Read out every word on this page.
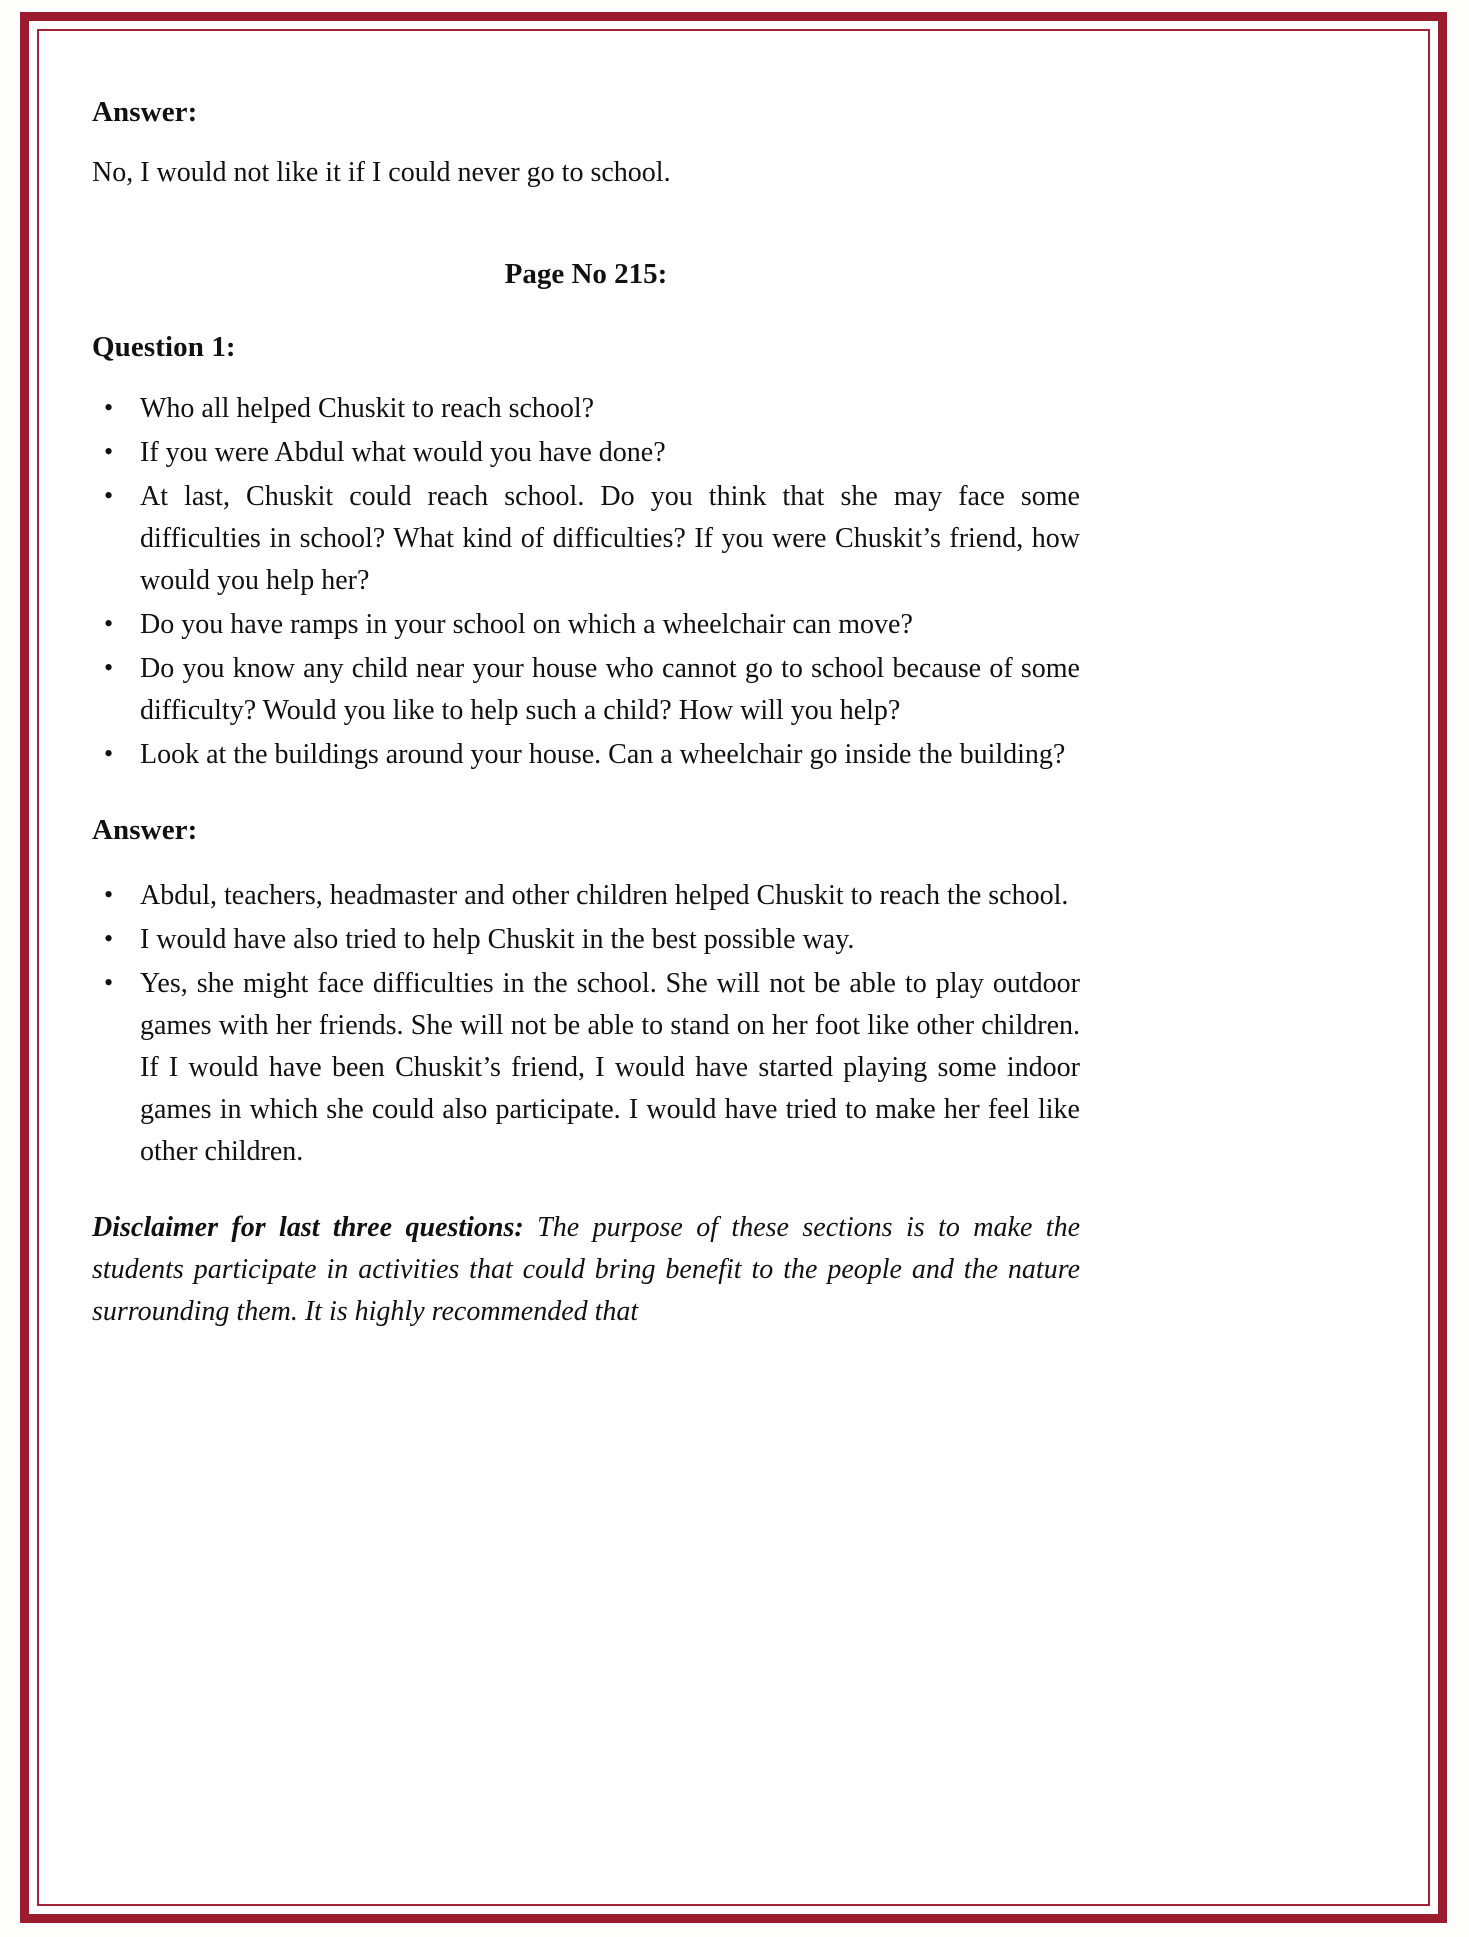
Answer:

No, I would not like it if I could never go to school.

Page No 215:
Question 1:
• Who all helped Chuskit to reach school?
• If you were Abdul what would you have done?
• At last, Chuskit could reach school. Do you think that she may face some difficulties in school? What kind of difficulties? If you were Chuskit’s friend, how would you help her?
• Do you have ramps in your school on which a wheelchair can move?
• Do you know any child near your house who cannot go to school because of some difficulty? Would you like to help such a child? How will you help?
• Look at the buildings around your house. Can a wheelchair go inside the building?
Answer:
• Abdul, teachers, headmaster and other children helped Chuskit to reach the school.
• I would have also tried to help Chuskit in the best possible way.
• Yes, she might face difficulties in the school. She will not be able to play outdoor games with her friends. She will not be able to stand on her foot like other children. If I would have been Chuskit’s friend, I would have started playing some indoor games in which she could also participate. I would have tried to make her feel like other children.

Disclaimer for last three questions: The purpose of these sections is to make the students participate in activities that could bring benefit to the people and the nature surrounding them. It is highly recommended that
